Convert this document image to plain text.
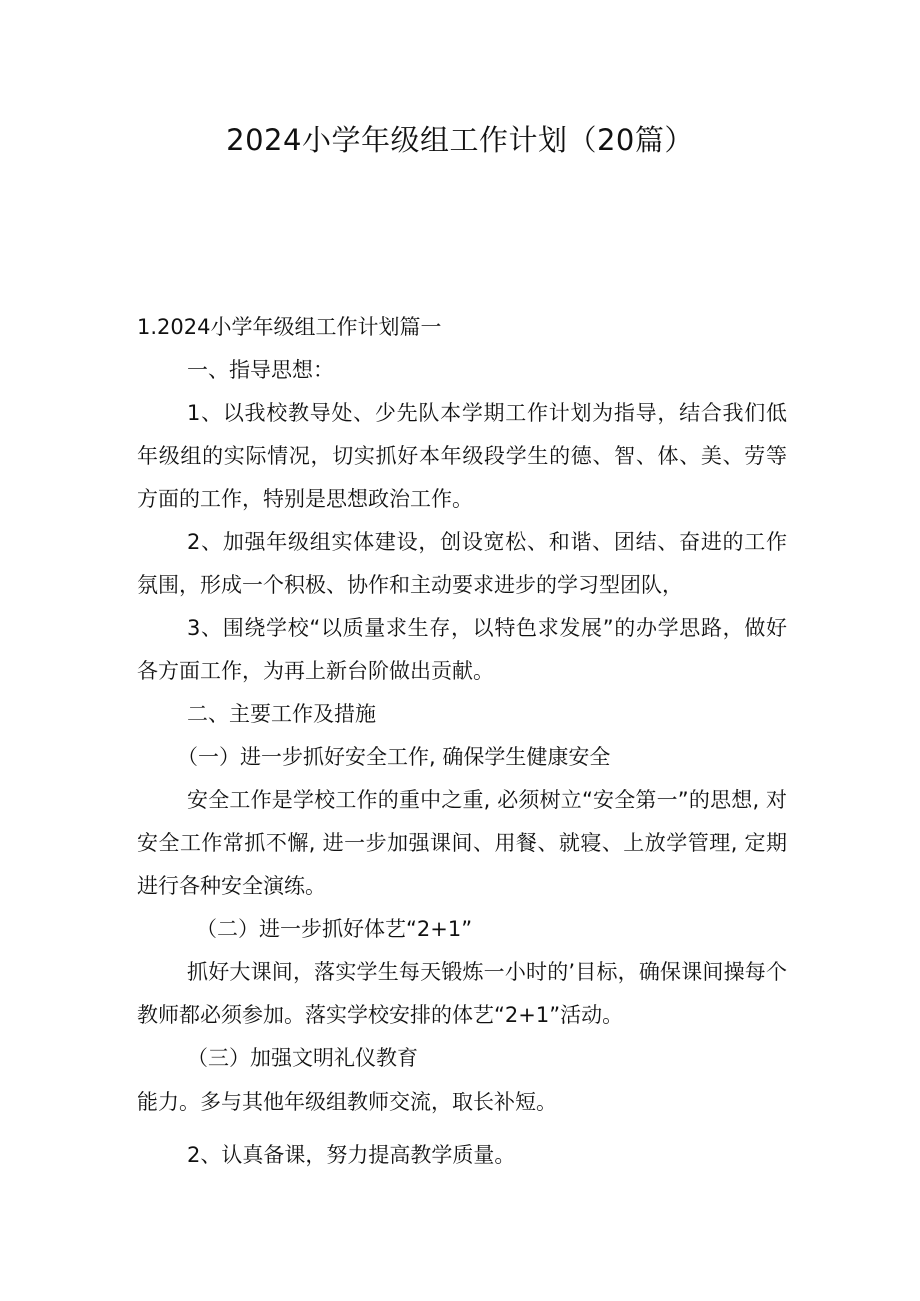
2024小学年级组工作计划（20篇）

1.2024小学年级组工作计划篇一

一、指导思想：

1、以我校教导处、少先队本学期工作计划为指导，结合我们低年级组的实际情况，切实抓好本年级段学生的德、智、体、美、劳等方面的工作，特别是思想政治工作。

2、加强年级组实体建设，创设宽松、和谐、团结、奋进的工作氛围，形成一个积极、协作和主动要求进步的学习型团队，

3、围绕学校“以质量求生存，以特色求发展”的办学思路，做好各方面工作，为再上新台阶做出贡献。

二、主要工作及措施

（一）进一步抓好安全工作, 确保学生健康安全

安全工作是学校工作的重中之重, 必须树立“安全第一”的思想, 对安全工作常抓不懈, 进一步加强课间、用餐、就寝、上放学管理, 定期进行各种安全演练。

（二）进一步抓好体艺“2+1”

抓好大课间，落实学生每天锻炼一小时的’目标，确保课间操每个教师都必须参加。落实学校安排的体艺“2+1”活动。

（三）加强文明礼仪教育

能力。多与其他年级组教师交流，取长补短。

2、认真备课，努力提高教学质量。
